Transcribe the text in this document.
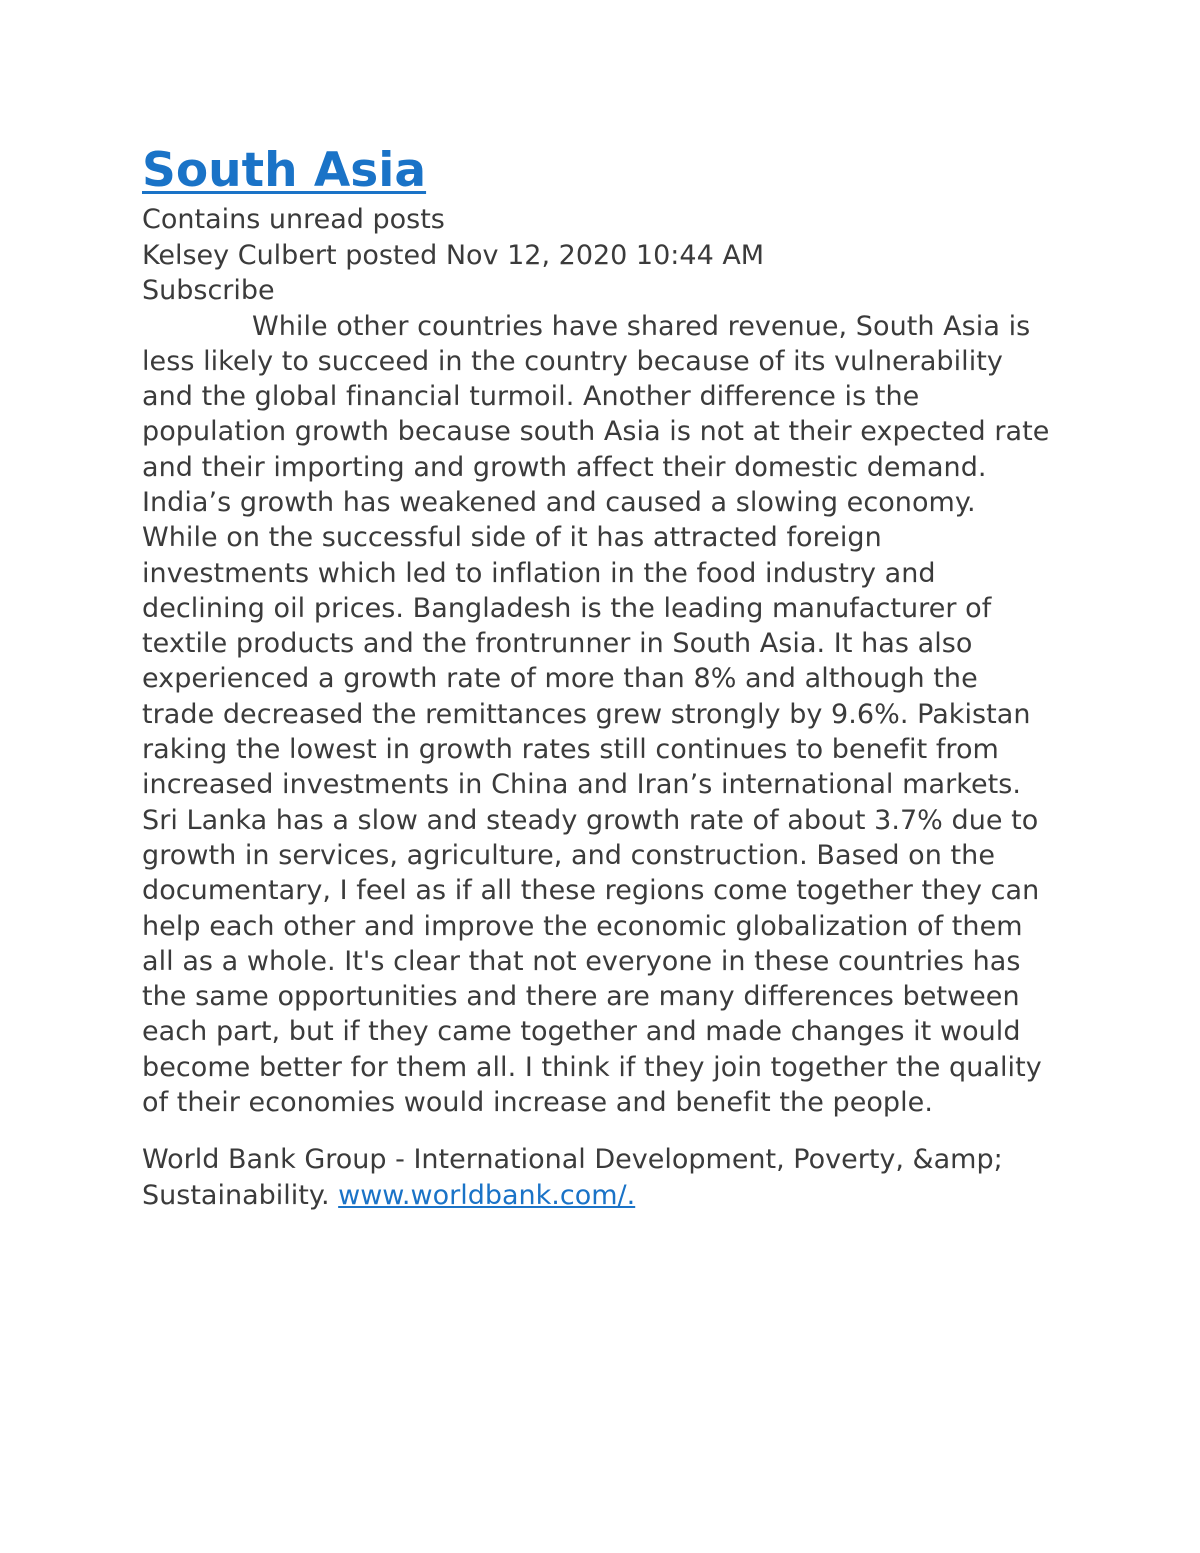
South Asia

Contains unread posts

Kelsey Culbert posted Nov 12, 2020 10:44 AM

Subscribe

While other countries have shared revenue, South Asia is less likely to succeed in the country because of its vulnerability and the global financial turmoil. Another difference is the population growth because south Asia is not at their expected rate and their importing and growth affect their domestic demand. India’s growth has weakened and caused a slowing economy. While on the successful side of it has attracted foreign investments which led to inflation in the food industry and declining oil prices. Bangladesh is the leading manufacturer of textile products and the frontrunner in South Asia. It has also experienced a growth rate of more than 8% and although the trade decreased the remittances grew strongly by 9.6%. Pakistan raking the lowest in growth rates still continues to benefit from increased investments in China and Iran’s international markets. Sri Lanka has a slow and steady growth rate of about 3.7% due to growth in services, agriculture, and construction. Based on the documentary, I feel as if all these regions come together they can help each other and improve the economic globalization of them all as a whole. It's clear that not everyone in these countries has the same opportunities and there are many differences between each part, but if they came together and made changes it would become better for them all. I think if they join together the quality of their economies would increase and benefit the people.

World Bank Group - International Development, Poverty, &amp; Sustainability. www.worldbank.com/.
